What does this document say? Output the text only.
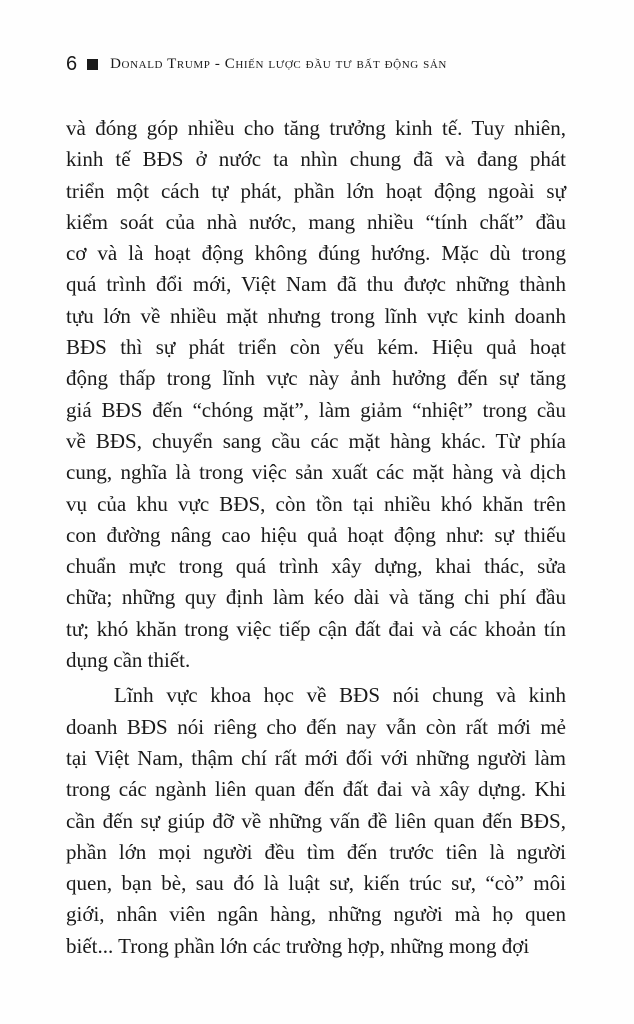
6 Donald Trump - Chiến lược đầu tư bất động sản
và đóng góp nhiều cho tăng trưởng kinh tế. Tuy nhiên,
kinh tế BĐS ở nước ta nhìn chung đã và đang phát
triển một cách tự phát, phần lớn hoạt động ngoài sự
kiểm soát của nhà nước, mang nhiều “tính chất” đầu
cơ và là hoạt động không đúng hướng. Mặc dù trong
quá trình đổi mới, Việt Nam đã thu được những thành
tựu lớn về nhiều mặt nhưng trong lĩnh vực kinh doanh
BĐS thì sự phát triển còn yếu kém. Hiệu quả hoạt
động thấp trong lĩnh vực này ảnh hưởng đến sự tăng
giá BĐS đến “chóng mặt”, làm giảm “nhiệt” trong cầu
về BĐS, chuyển sang cầu các mặt hàng khác. Từ phía
cung, nghĩa là trong việc sản xuất các mặt hàng và dịch
vụ của khu vực BĐS, còn tồn tại nhiều khó khăn trên
con đường nâng cao hiệu quả hoạt động như: sự thiếu
chuẩn mực trong quá trình xây dựng, khai thác, sửa
chữa; những quy định làm kéo dài và tăng chi phí đầu
tư; khó khăn trong việc tiếp cận đất đai và các khoản tín
dụng cần thiết.
Lĩnh vực khoa học về BĐS nói chung và kinh
doanh BĐS nói riêng cho đến nay vẫn còn rất mới mẻ
tại Việt Nam, thậm chí rất mới đối với những người làm
trong các ngành liên quan đến đất đai và xây dựng. Khi
cần đến sự giúp đỡ về những vấn đề liên quan đến BĐS,
phần lớn mọi người đều tìm đến trước tiên là người
quen, bạn bè, sau đó là luật sư, kiến trúc sư, “cò” môi
giới, nhân viên ngân hàng, những người mà họ quen
biết... Trong phần lớn các trường hợp, những mong đợi
